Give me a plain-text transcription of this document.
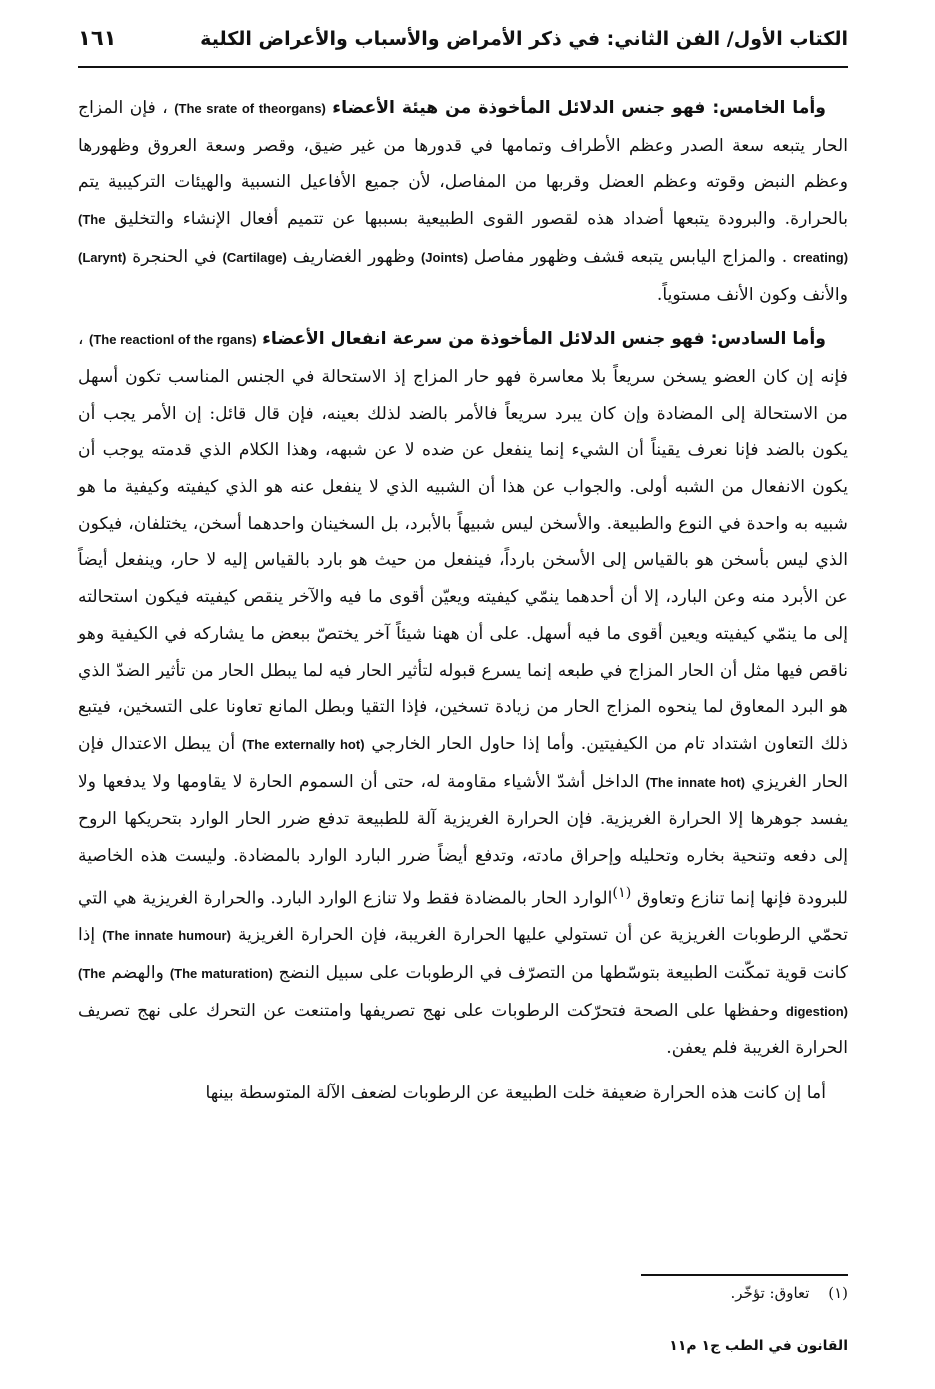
الكتاب الأول/ الفن الثاني: في ذكر الأمراض والأسباب والأعراض الكلية
١٦١

وأما الخامس: فهو جنس الدلائل المأخوذة من هيئة الأعضاء (The srate of theorgans) ، فإن المزاج الحار يتبعه سعة الصدر وعظم الأطراف وتمامها في قدورها من غير ضيق، وقصر وسعة العروق وظهورها وعظم النبض وقوته وعظم العضل وقربها من المفاصل، لأن جميع الأفاعيل النسبية والهيئات التركيبية يتم بالحرارة. والبرودة يتبعها أضداد هذه لقصور القوى الطبيعية بسببها عن تتميم أفعال الإنشاء والتخليق (The creating) . والمزاج اليابس يتبعه قشف وظهور مفاصل (Joints) وظهور الغضاريف (Cartilage) في الحنجرة (Larynt) والأنف وكون الأنف مستوياً.

وأما السادس: فهو جنس الدلائل المأخوذة من سرعة انفعال الأعضاء (The reactionl of the rgans) ، فإنه إن كان العضو يسخن سريعاً بلا معاسرة فهو حار المزاج إذ الاستحالة في الجنس المناسب تكون أسهل من الاستحالة إلى المضادة وإن كان يبرد سريعاً فالأمر بالضد لذلك بعينه، فإن قال قائل: إن الأمر يجب أن يكون بالضد فإنا نعرف يقيناً أن الشيء إنما ينفعل عن ضده لا عن شبهه، وهذا الكلام الذي قدمته يوجب أن يكون الانفعال من الشبه أولى. والجواب عن هذا أن الشبيه الذي لا ينفعل عنه هو الذي كيفيته وكيفية ما هو شبيه به واحدة في النوع والطبيعة. والأسخن ليس شبيهاً بالأبرد، بل السخينان واحدهما أسخن، يختلفان، فيكون الذي ليس بأسخن هو بالقياس إلى الأسخن بارداً، فينفعل من حيث هو بارد بالقياس إليه لا حار، وينفعل أيضاً عن الأبرد منه وعن البارد، إلا أن أحدهما ينمّي كيفيته ويعيّن أقوى ما فيه والآخر ينقص كيفيته فيكون استحالته إلى ما ينمّي كيفيته ويعين أقوى ما فيه أسهل. على أن ههنا شيئاً آخر يختصّ ببعض ما يشاركه في الكيفية وهو ناقص فيها مثل أن الحار المزاج في طبعه إنما يسرع قبوله لتأثير الحار فيه لما يبطل الحار من تأثير الضدّ الذي هو البرد المعاوق لما ينحوه المزاج الحار من زيادة تسخين، فإذا التقيا وبطل المانع تعاونا على التسخين، فيتبع ذلك التعاون اشتداد تام من الكيفيتين. وأما إذا حاول الحار الخارجي (The externally hot) أن يبطل الاعتدال فإن الحار الغريزي (The innate hot) الداخل أشدّ الأشياء مقاومة له، حتى أن السموم الحارة لا يقاومها ولا يدفعها ولا يفسد جوهرها إلا الحرارة الغريزية. فإن الحرارة الغريزية آلة للطبيعة تدفع ضرر الحار الوارد بتحريكها الروح إلى دفعه وتنحية بخاره وتحليله وإحراق مادته، وتدفع أيضاً ضرر البارد الوارد بالمضادة. وليست هذه الخاصية للبرودة فإنها إنما تنازع وتعاوق $^{(١)}$الوارد الحار بالمضادة فقط ولا تنازع الوارد البارد. والحرارة الغريزية هي التي تحمّي الرطوبات الغريزية عن أن تستولي عليها الحرارة الغريبة، فإن الحرارة الغريزية (The innate humour) إذا كانت قوية تمكّنت الطبيعة بتوسّطها من التصرّف في الرطوبات على سبيل النضج (The maturation) والهضم (The digestion) وحفظها على الصحة فتحرّكت الرطوبات على نهج تصريفها وامتنعت عن التحرك على نهج تصريف الحرارة الغريبة فلم يعفن.

أما إن كانت هذه الحرارة ضعيفة خلت الطبيعة عن الرطوبات لضعف الآلة المتوسطة بينها

(١) تعاوق: تؤخّر.
القانون في الطب ج١ م١١
